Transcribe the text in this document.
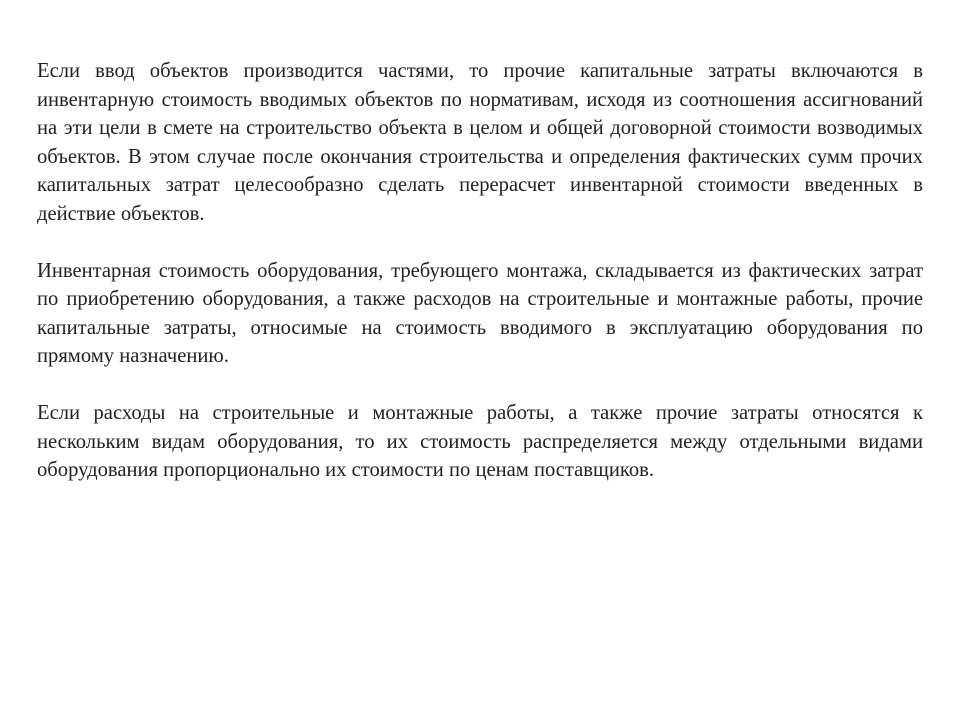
Если ввод объектов производится частями, то прочие капитальные затраты включаются в инвентарную стоимость вводимых объектов по нормативам, исходя из соотношения ассигнований на эти цели в смете на строительство объекта в целом и общей договорной стоимости возводимых объектов. В этом случае после окончания строительства и определения фактических сумм прочих капитальных затрат целесообразно сделать перерасчет инвентарной стоимости введенных в действие объектов.

Инвентарная стоимость оборудования, требующего монтажа, складывается из фактических затрат по приобретению оборудования, а также расходов на строительные и монтажные работы, прочие капитальные затраты, относимые на стоимость вводимого в эксплуатацию оборудования по прямому назначению.

Если расходы на строительные и монтажные работы, а также прочие затраты относятся к нескольким видам оборудования, то их стоимость распределяется между отдельными видами оборудования пропорционально их стоимости по ценам поставщиков.
